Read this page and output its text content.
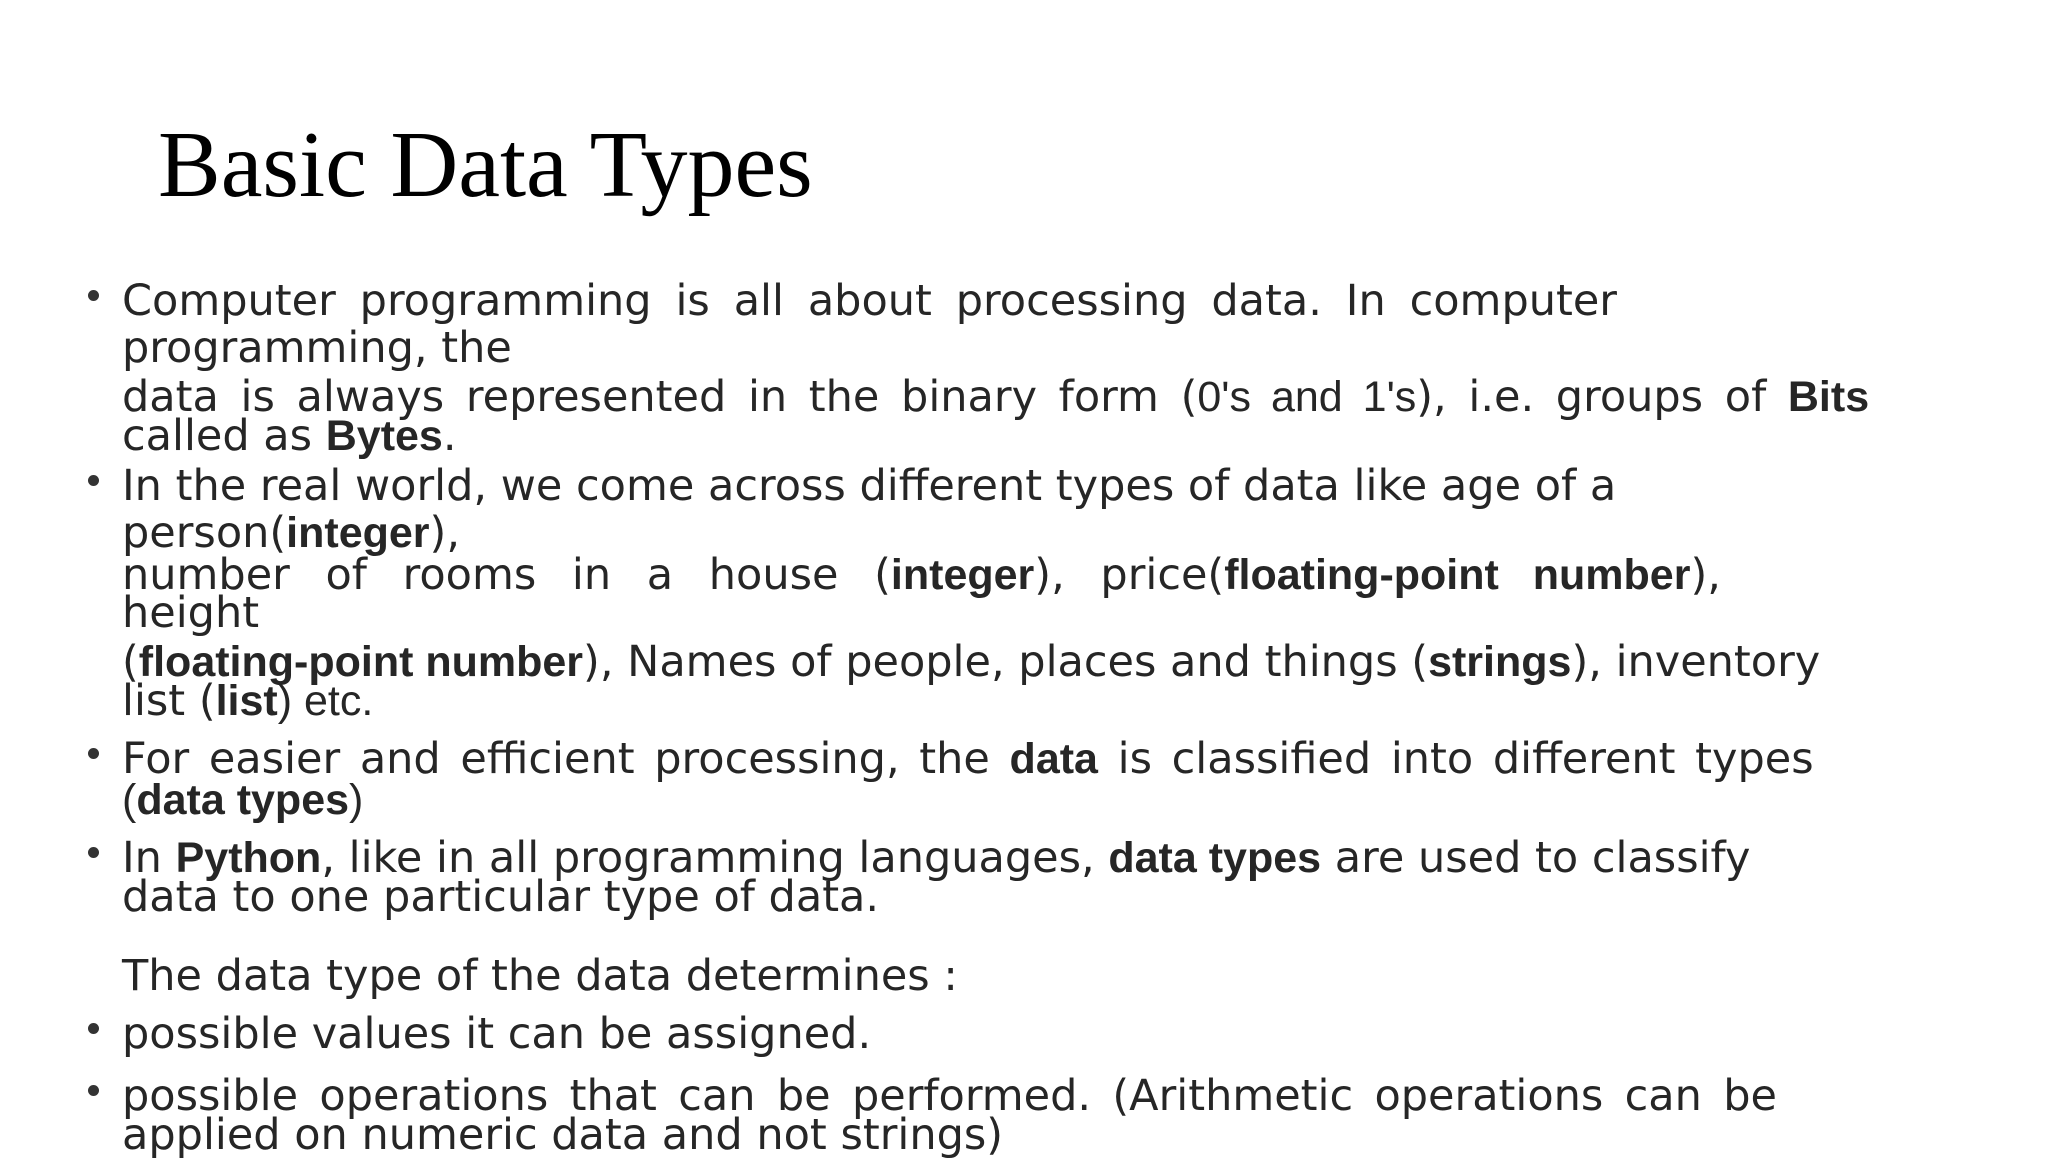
Basic Data Types

Computer programming is all about processing data. In computer

programming, the

data is always represented in the binary form (0's and 1's), i.e. groups of Bits

called as Bytes.

In the real world, we come across different types of data like age of a

person(integer),

number of rooms in a house (integer), price(floating-point number),

height

(floating-point number), Names of people, places and things (strings), inventory

list (list) etc.

For easier and efficient processing, the data is classified into different types

(data types)

In Python, like in all programming languages, data types are used to classify

data to one particular type of data.

The data type of the data determines :

possible values it can be assigned.

possible operations that can be performed. (Arithmetic operations can be

applied on numeric data and not strings)
